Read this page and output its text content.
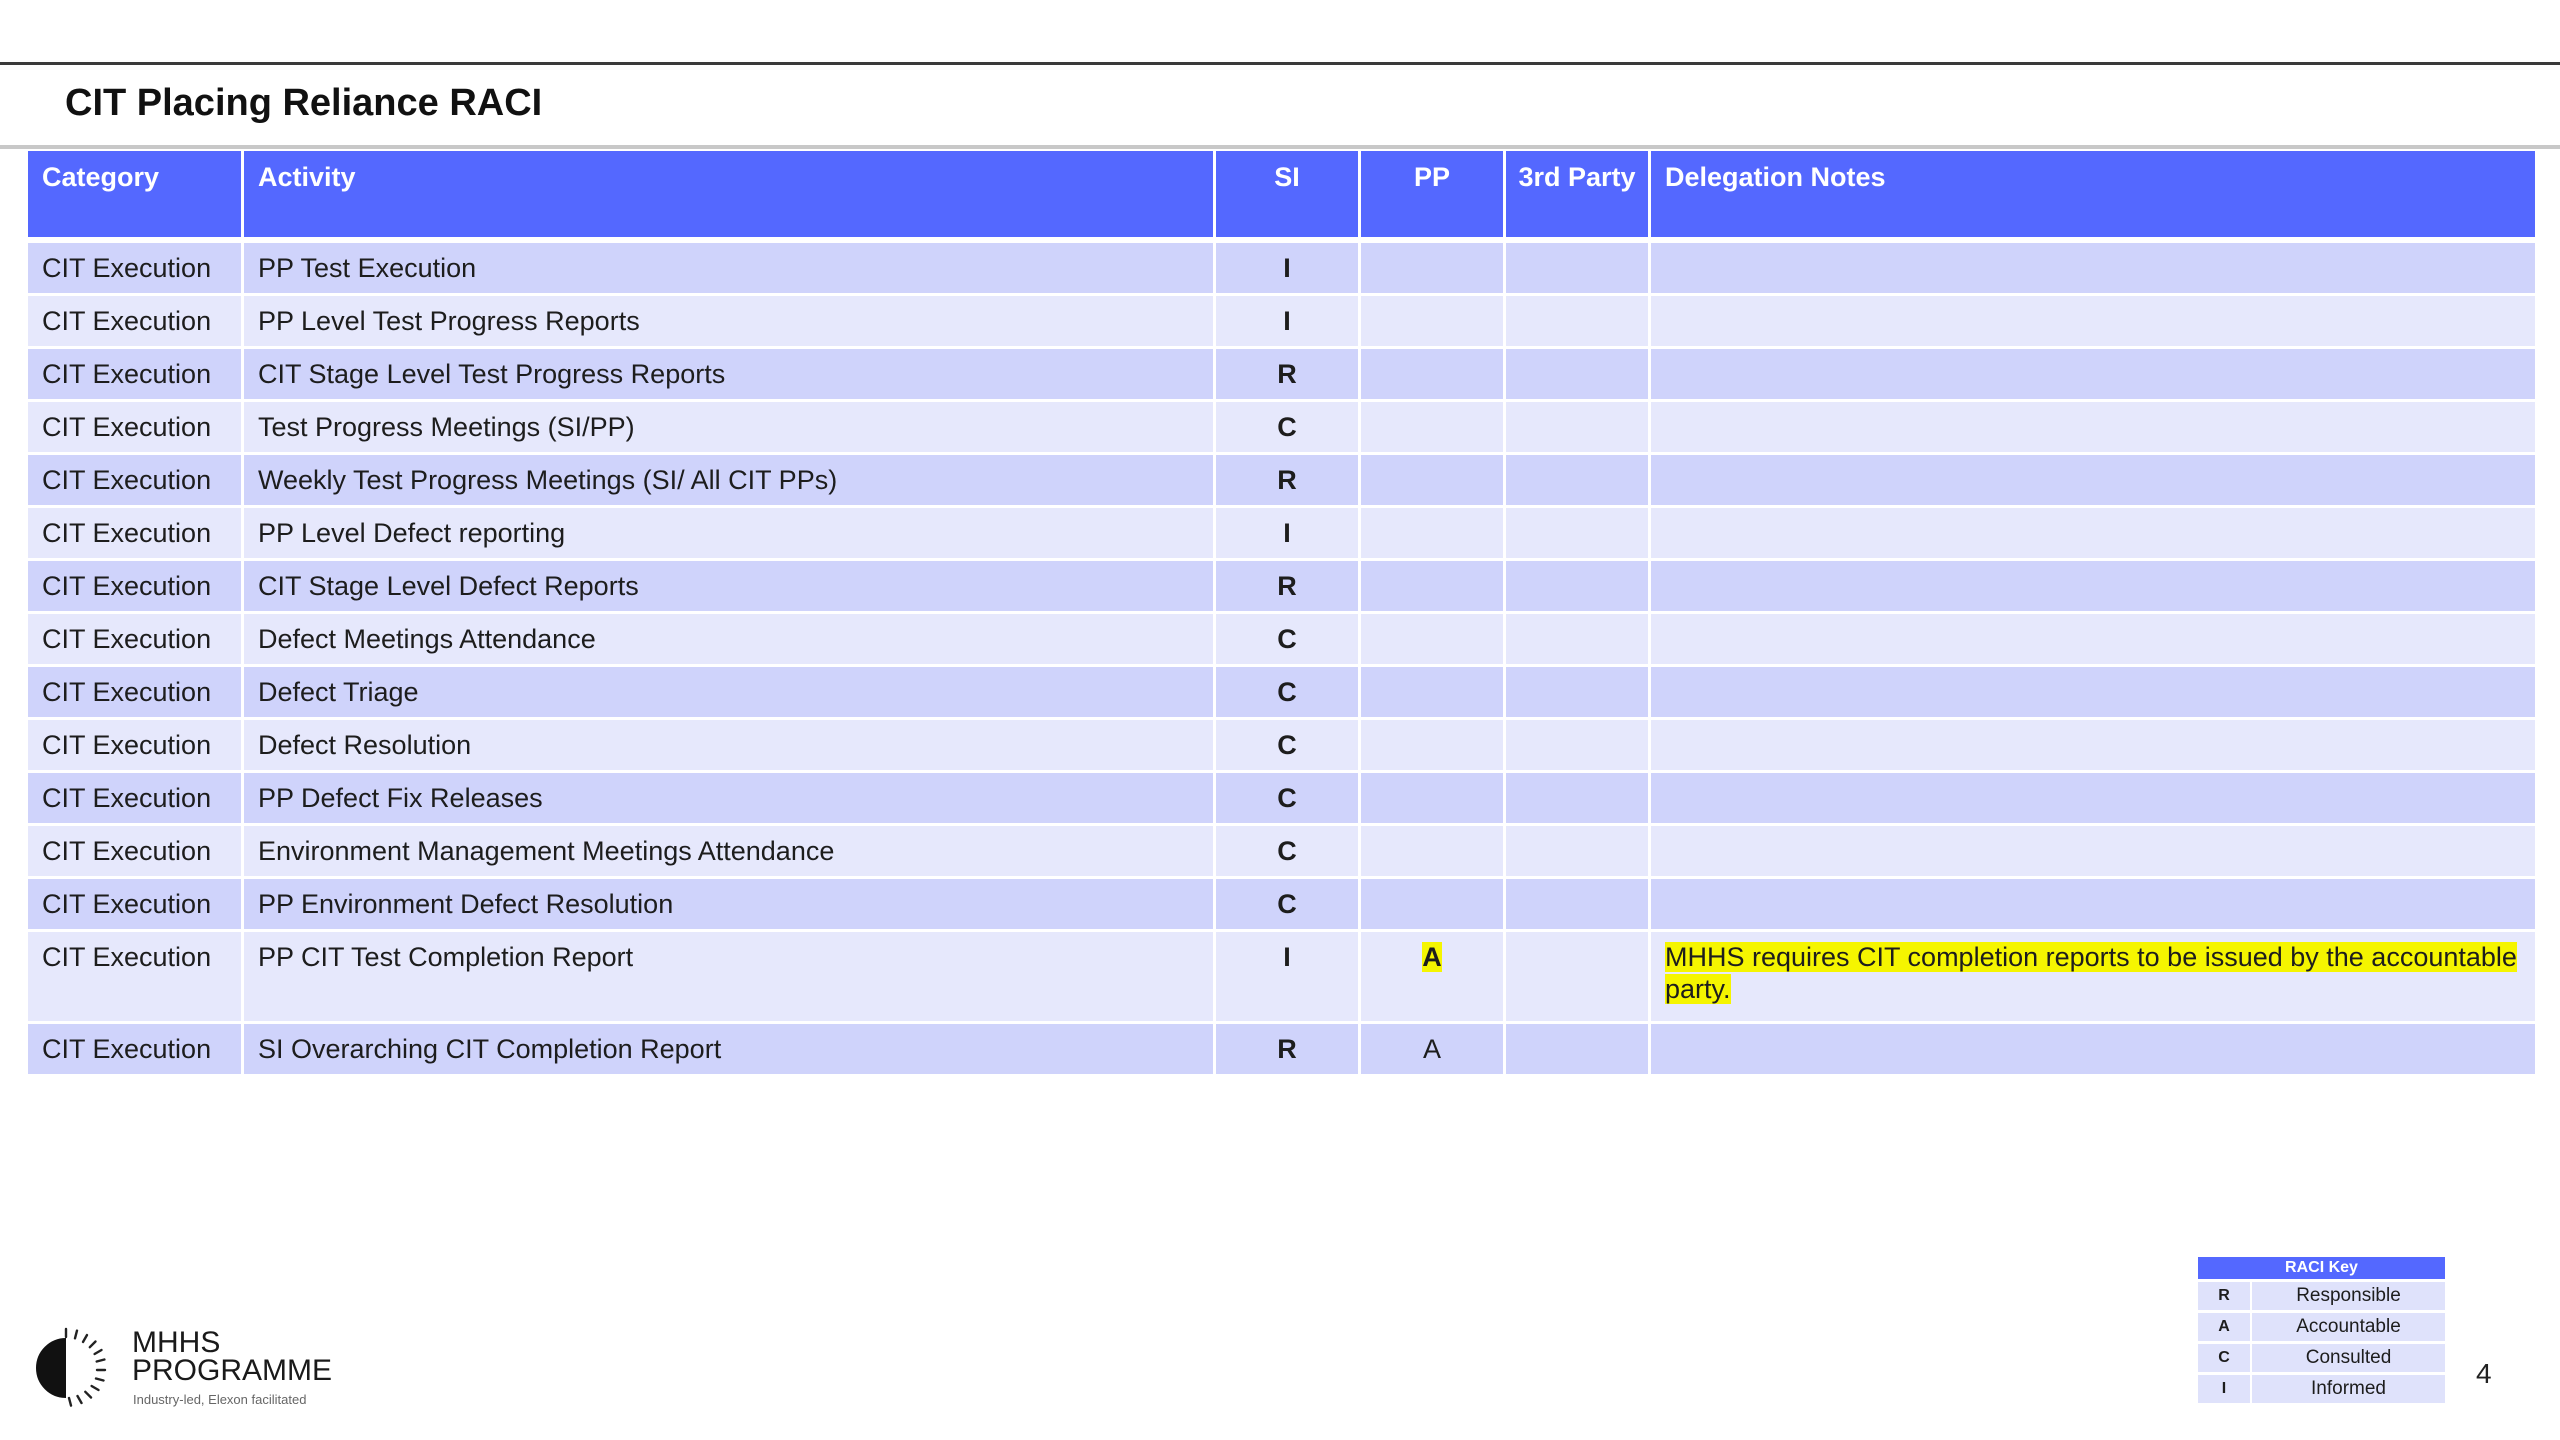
CIT Placing Reliance RACI
Category	Activity	SI	PP	3rd Party	Delegation Notes
CIT Execution	PP Test Execution	I			
CIT Execution	PP Level Test Progress Reports	I			
CIT Execution	CIT Stage Level Test Progress Reports	R			
CIT Execution	Test Progress Meetings (SI/PP)	C			
CIT Execution	Weekly Test Progress Meetings (SI/ All CIT PPs)	R			
CIT Execution	PP Level Defect reporting	I			
CIT Execution	CIT Stage Level Defect Reports	R			
CIT Execution	Defect Meetings Attendance	C			
CIT Execution	Defect Triage	C			
CIT Execution	Defect Resolution	C			
CIT Execution	PP Defect Fix Releases	C			
CIT Execution	Environment Management Meetings Attendance	C			
CIT Execution	PP Environment Defect Resolution	C			
CIT Execution	PP CIT Test Completion Report	I	A		MHHS requires CIT completion reports to be issued by the accountable party.
CIT Execution	SI Overarching CIT Completion Report	R	A		
MHHS
PROGRAMME
Industry-led, Elexon facilitated
RACI Key	
R	Responsible
A	Accountable
C	Consulted
I	Informed	4
